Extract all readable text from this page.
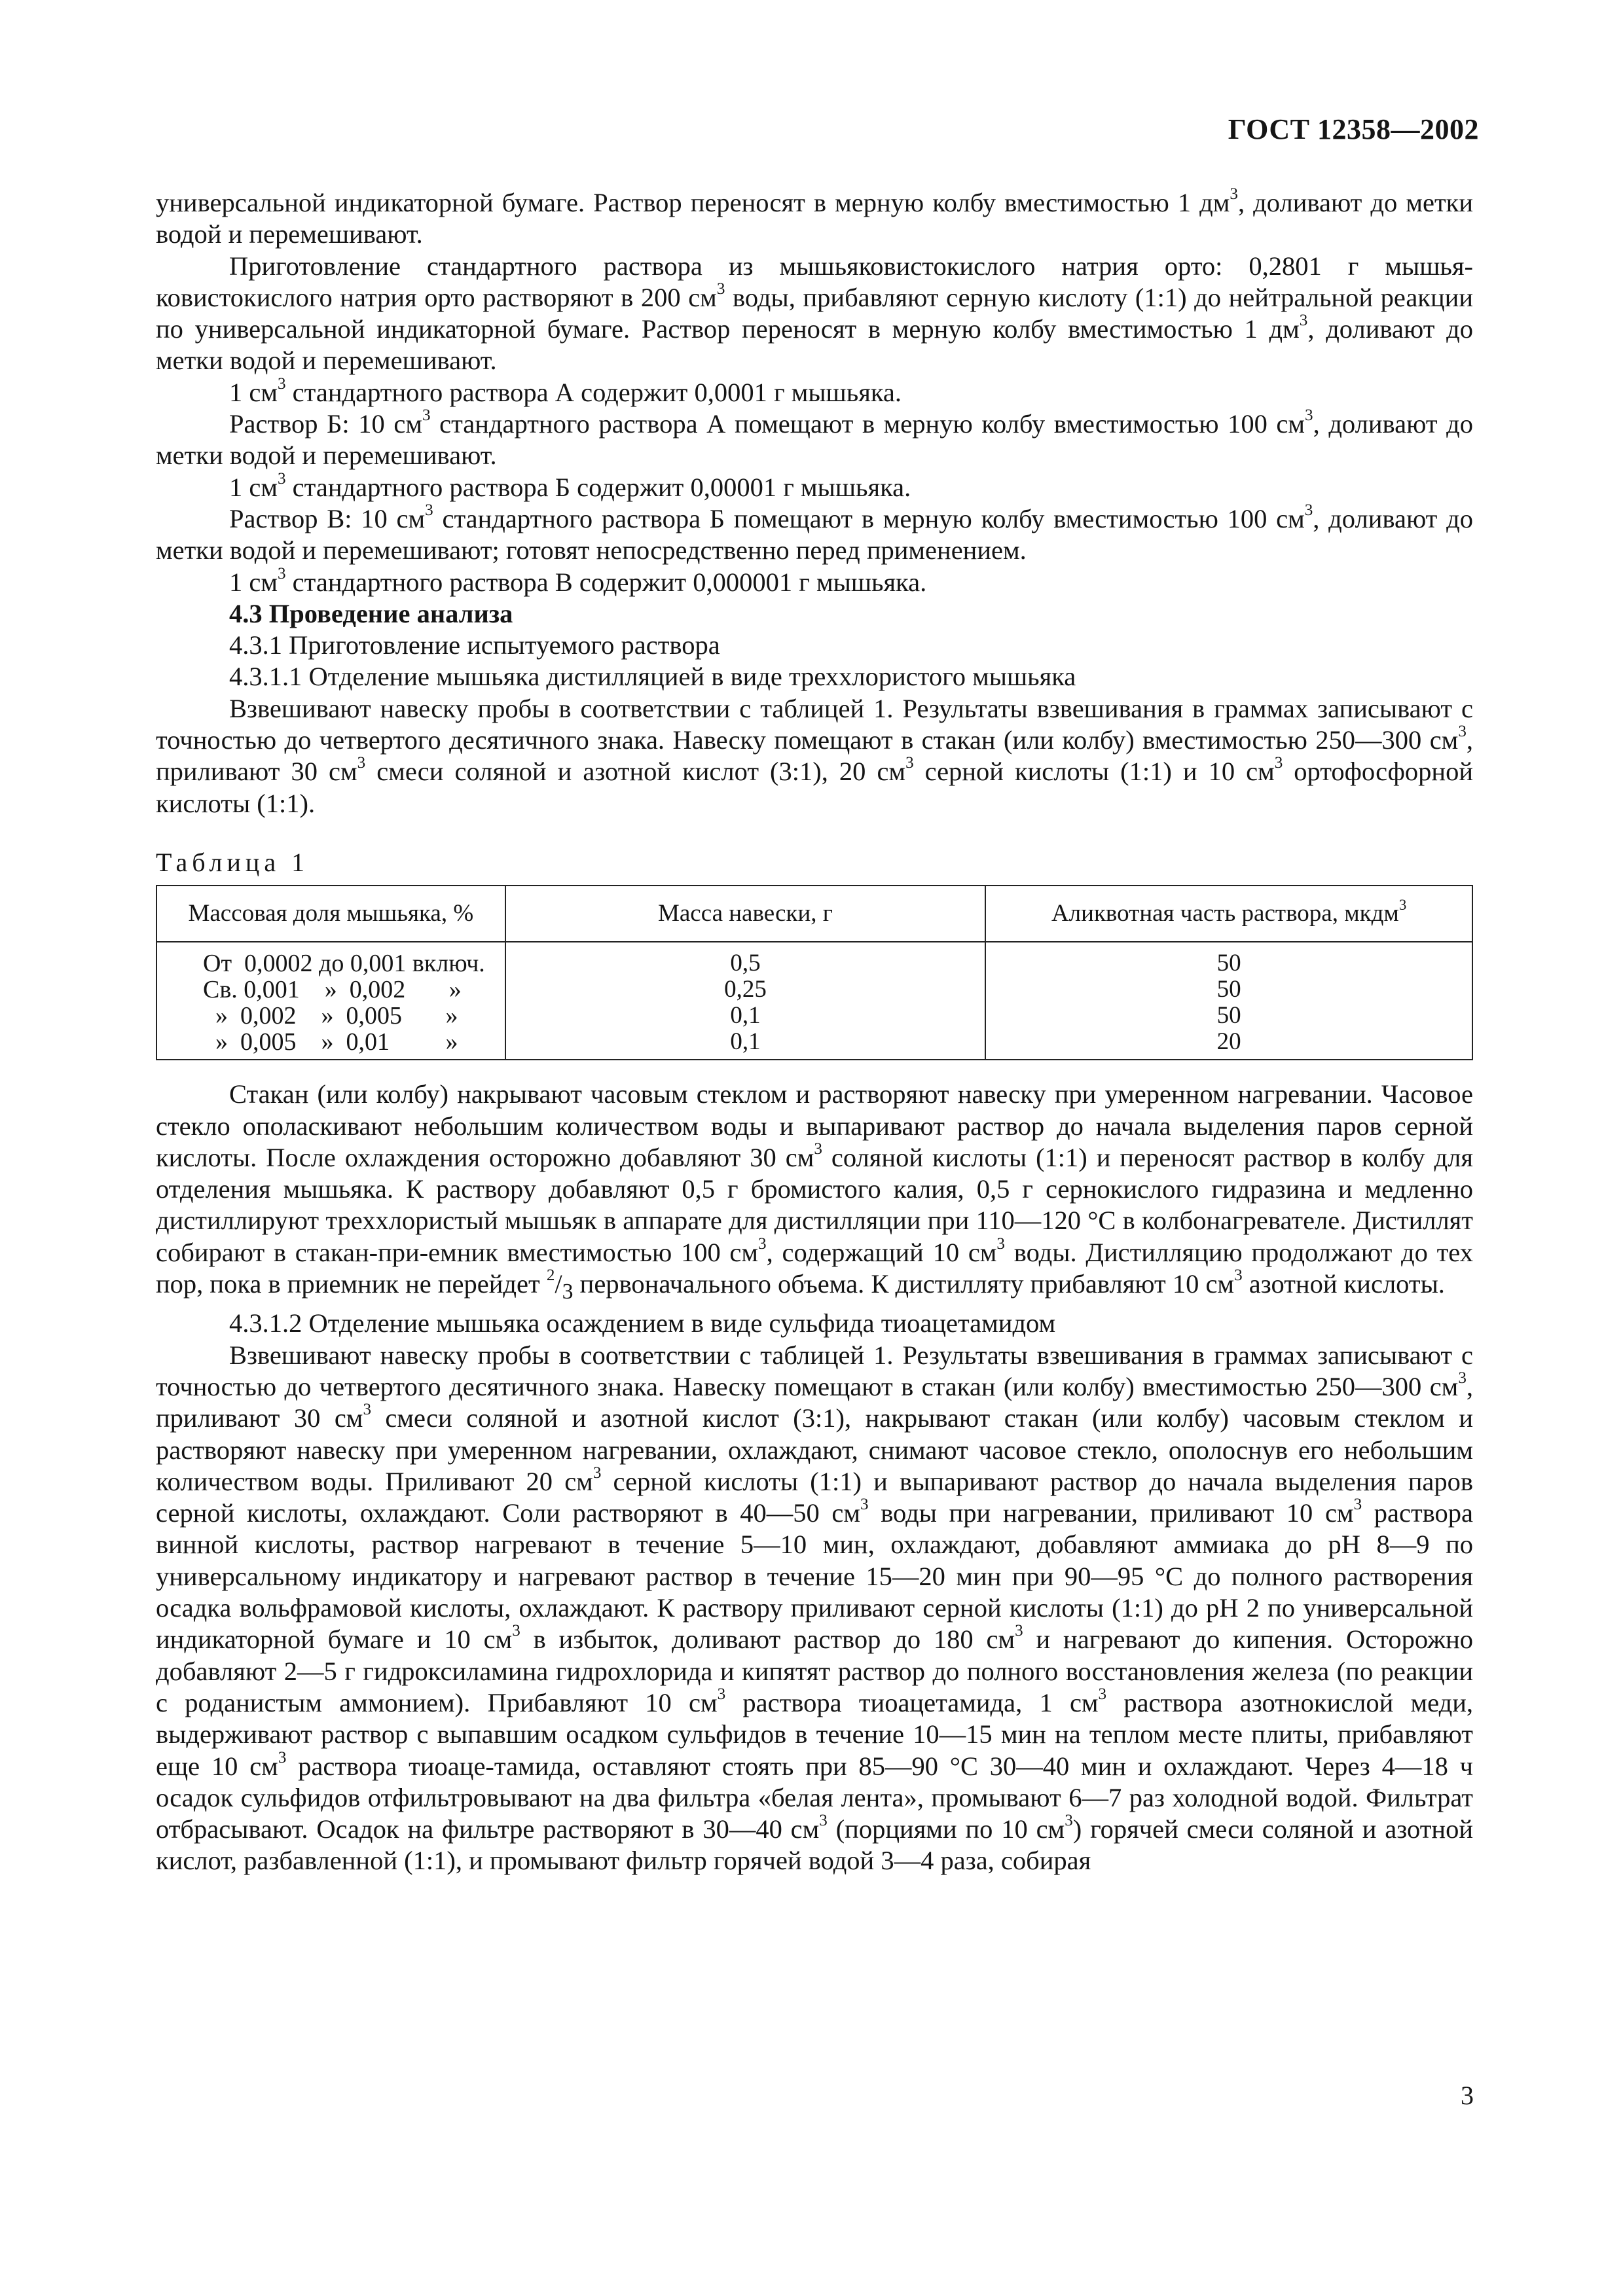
ГОСТ 12358—2002

универсальной индикаторной бумаге. Раствор переносят в мерную колбу вместимостью 1 $дм^3$, доливают до метки водой и перемешивают.

Приготовление стандартного раствора из мышьяковистокислого натрия орто: 0,2801 г мышья-ковистокислого натрия орто растворяют в 200 $см^3$ воды, прибавляют серную кислоту (1:1) до нейтральной реакции по универсальной индикаторной бумаге. Раствор переносят в мерную колбу вместимостью 1 $дм^3$, доливают до метки водой и перемешивают.

1 $см^3$ стандартного раствора А содержит 0,0001 г мышьяка.

Раствор Б: 10 $см^3$ стандартного раствора А помещают в мерную колбу вместимостью 100 $см^3$, доливают до метки водой и перемешивают.

1 $см^3$ стандартного раствора Б содержит 0,00001 г мышьяка.

Раствор В: 10 $см^3$ стандартного раствора Б помещают в мерную колбу вместимостью 100 $см^3$, доливают до метки водой и перемешивают; готовят непосредственно перед применением.

1 $см^3$ стандартного раствора В содержит 0,000001 г мышьяка.

4.3 Проведение анализа

4.3.1 Приготовление испытуемого раствора

4.3.1.1 Отделение мышьяка дистилляцией в виде треххлористого мышьяка

Взвешивают навеску пробы в соответствии с таблицей 1. Результаты взвешивания в граммах записывают с точностью до четвертого десятичного знака. Навеску помещают в стакан (или колбу) вместимостью 250—300 $см^3$, приливают 30 $см^3$ смеси соляной и азотной кислот (3:1), 20 $см^3$ серной кислоты (1:1) и 10 $см^3$ ортофосфорной кислоты (1:1).

Таблица 1
Массовая доля мышьяка, %	Масса навески, г	Аликвотная часть раствора, мкдм$^3$
От  0,0002 до 0,001 включ.	0,5	50
Св. 0,001    »  0,002       »	0,25	50
»  0,002    »  0,005       »	0,1	50
»  0,005    »  0,01         »	0,1	20

Стакан (или колбу) накрывают часовым стеклом и растворяют навеску при умеренном нагревании. Часовое стекло ополаскивают небольшим количеством воды и выпаривают раствор до начала выделения паров серной кислоты. После охлаждения осторожно добавляют 30 $см^3$ соляной кислоты (1:1) и переносят раствор в колбу для отделения мышьяка. К раствору добавляют 0,5 г бромистого калия, 0,5 г сернокислого гидразина и медленно дистиллируют треххлористый мышьяк в аппарате для дистилляции при 110—120 °С в колбонагревателе. Дистиллят собирают в стакан-при-емник вместимостью 100 $см^3$, содержащий 10 $см^3$ воды. Дистилляцию продолжают до тех пор, пока в приемник не перейдет $^2/_3$ первоначального объема. К дистилляту прибавляют 10 $см^3$ азотной кислоты.

4.3.1.2 Отделение мышьяка осаждением в виде сульфида тиоацетамидом

Взвешивают навеску пробы в соответствии с таблицей 1. Результаты взвешивания в граммах записывают с точностью до четвертого десятичного знака. Навеску помещают в стакан (или колбу) вместимостью 250—300 $см^3$, приливают 30 $см^3$ смеси соляной и азотной кислот (3:1), накрывают стакан (или колбу) часовым стеклом и растворяют навеску при умеренном нагревании, охлаждают, снимают часовое стекло, ополоснув его небольшим количеством воды. Приливают 20 $см^3$ серной кислоты (1:1) и выпаривают раствор до начала выделения паров серной кислоты, охлаждают. Соли растворяют в 40—50 $см^3$ воды при нагревании, приливают 10 $см^3$ раствора винной кислоты, раствор нагревают в течение 5—10 мин, охлаждают, добавляют аммиака до рН 8—9 по универсальному индикатору и нагревают раствор в течение 15—20 мин при 90—95 °С до полного растворения осадка вольфрамовой кислоты, охлаждают. К раствору приливают серной кислоты (1:1) до рН 2 по универсальной индикаторной бумаге и 10 $см^3$ в избыток, доливают раствор до 180 $см^3$ и нагревают до кипения. Осторожно добавляют 2—5 г гидроксиламина гидрохлорида и кипятят раствор до полного восстановления железа (по реакции с роданистым аммонием). Прибавляют 10 $см^3$ раствора тиоацетамида, 1 $см^3$ раствора азотнокислой меди, выдерживают раствор с выпавшим осадком сульфидов в течение 10—15 мин на теплом месте плиты, прибавляют еще 10 $см^3$ раствора тиоаце-тамида, оставляют стоять при 85—90 °С 30—40 мин и охлаждают. Через 4—18 ч осадок сульфидов отфильтровывают на два фильтра «белая лента», промывают 6—7 раз холодной водой. Фильтрат отбрасывают. Осадок на фильтре растворяют в 30—40 $см^3$ (порциями по 10 $см^3$) горячей смеси соляной и азотной кислот, разбавленной (1:1), и промывают фильтр горячей водой 3—4 раза, собирая

3
